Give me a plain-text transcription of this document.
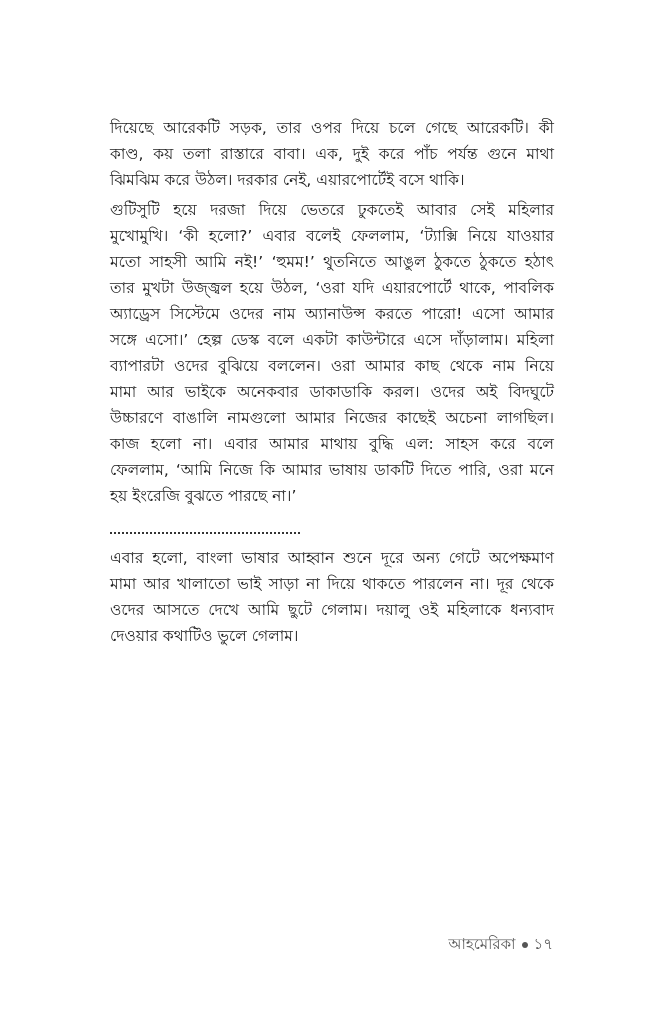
দিয়েছে আরেকটি সড়ক, তার ওপর দিয়ে চলে গেছে আরেকটি। কী
কাণ্ড, কয় তলা রাস্তারে বাবা। এক, দুই করে পাঁচ পর্যন্ত গুনে মাথা
ঝিমঝিম করে উঠল। দরকার নেই, এয়ারপোর্টেই বসে থাকি।
গুটিসুটি হয়ে দরজা দিয়ে ভেতরে ঢুকতেই আবার সেই মহিলার
মুখোমুখি। ‘কী হলো?’ এবার বলেই ফেললাম, ‘ট্যাক্সি নিয়ে যাওয়ার
মতো সাহসী আমি নই!’ ‘হুমম!’ থুতনিতে আঙুল ঠুকতে ঠুকতে হঠাৎ
তার মুখটা উজ্জ্বল হয়ে উঠল, ‘ওরা যদি এয়ারপোর্টে থাকে, পাবলিক
অ্যাড্রেস সিস্টেমে ওদের নাম অ্যানাউন্স করতে পারো! এসো আমার
সঙ্গে এসো।’ হেল্প ডেস্ক বলে একটা কাউন্টারে এসে দাঁড়ালাম। মহিলা
ব্যাপারটা ওদের বুঝিয়ে বললেন। ওরা আমার কাছ থেকে নাম নিয়ে
মামা আর ভাইকে অনেকবার ডাকাডাকি করল। ওদের অই বিদঘুটে
উচ্চারণে বাঙালি নামগুলো আমার নিজের কাছেই অচেনা লাগছিল।
কাজ হলো না। এবার আমার মাথায় বুদ্ধি এল: সাহস করে বলে
ফেললাম, ‘আমি নিজে কি আমার ভাষায় ডাকটি দিতে পারি, ওরা মনে
হয় ইংরেজি বুঝতে পারছে না।’
এবার হলো, বাংলা ভাষার আহ্বান শুনে দূরে অন্য গেটে অপেক্ষমাণ
মামা আর খালাতো ভাই সাড়া না দিয়ে থাকতে পারলেন না। দূর থেকে
ওদের আসতে দেখে আমি ছুটে গেলাম। দয়ালু ওই মহিলাকে ধন্যবাদ
দেওয়ার কথাটিও ভুলে গেলাম।
আহমেরিকা ১৭
